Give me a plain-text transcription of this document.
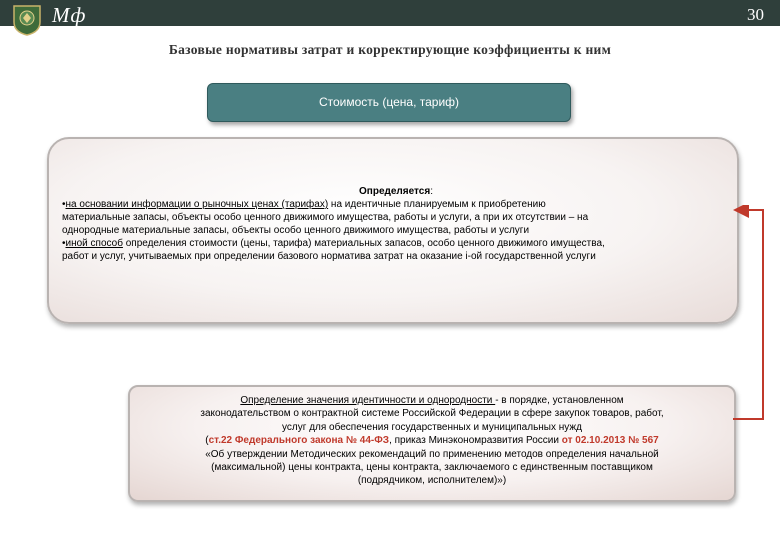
Мф	30
Базовые нормативы затрат и корректирующие коэффициенты к ним
Стоимость (цена, тариф)
Определяется:
•на основании информации о рыночных ценах (тарифах) на идентичные планируемым к приобретению
материальные запасы, объекты особо ценного движимого имущества, работы и услуги, а при их отсутствии – на
однородные материальные запасы, объекты особо ценного движимого имущества, работы и услуги
•иной способ определения стоимости (цены, тарифа) материальных запасов, особо ценного движимого имущества,
работ и услуг, учитываемых при определении базового норматива затрат на оказание i-ой государственной услуги
Определение значения идентичности и однородности - в порядке, установленном
законодательством о контрактной системе Российской Федерации в сфере закупок товаров, работ,
услуг для обеспечения государственных и муниципальных нужд
(ст.22 Федерального закона № 44-ФЗ, приказ Минэкономразвития России от 02.10.2013 № 567
«Об утверждении Методических рекомендаций по применению методов определения начальной
(максимальной) цены контракта, цены контракта, заключаемого с единственным поставщиком
(подрядчиком, исполнителем)»)
